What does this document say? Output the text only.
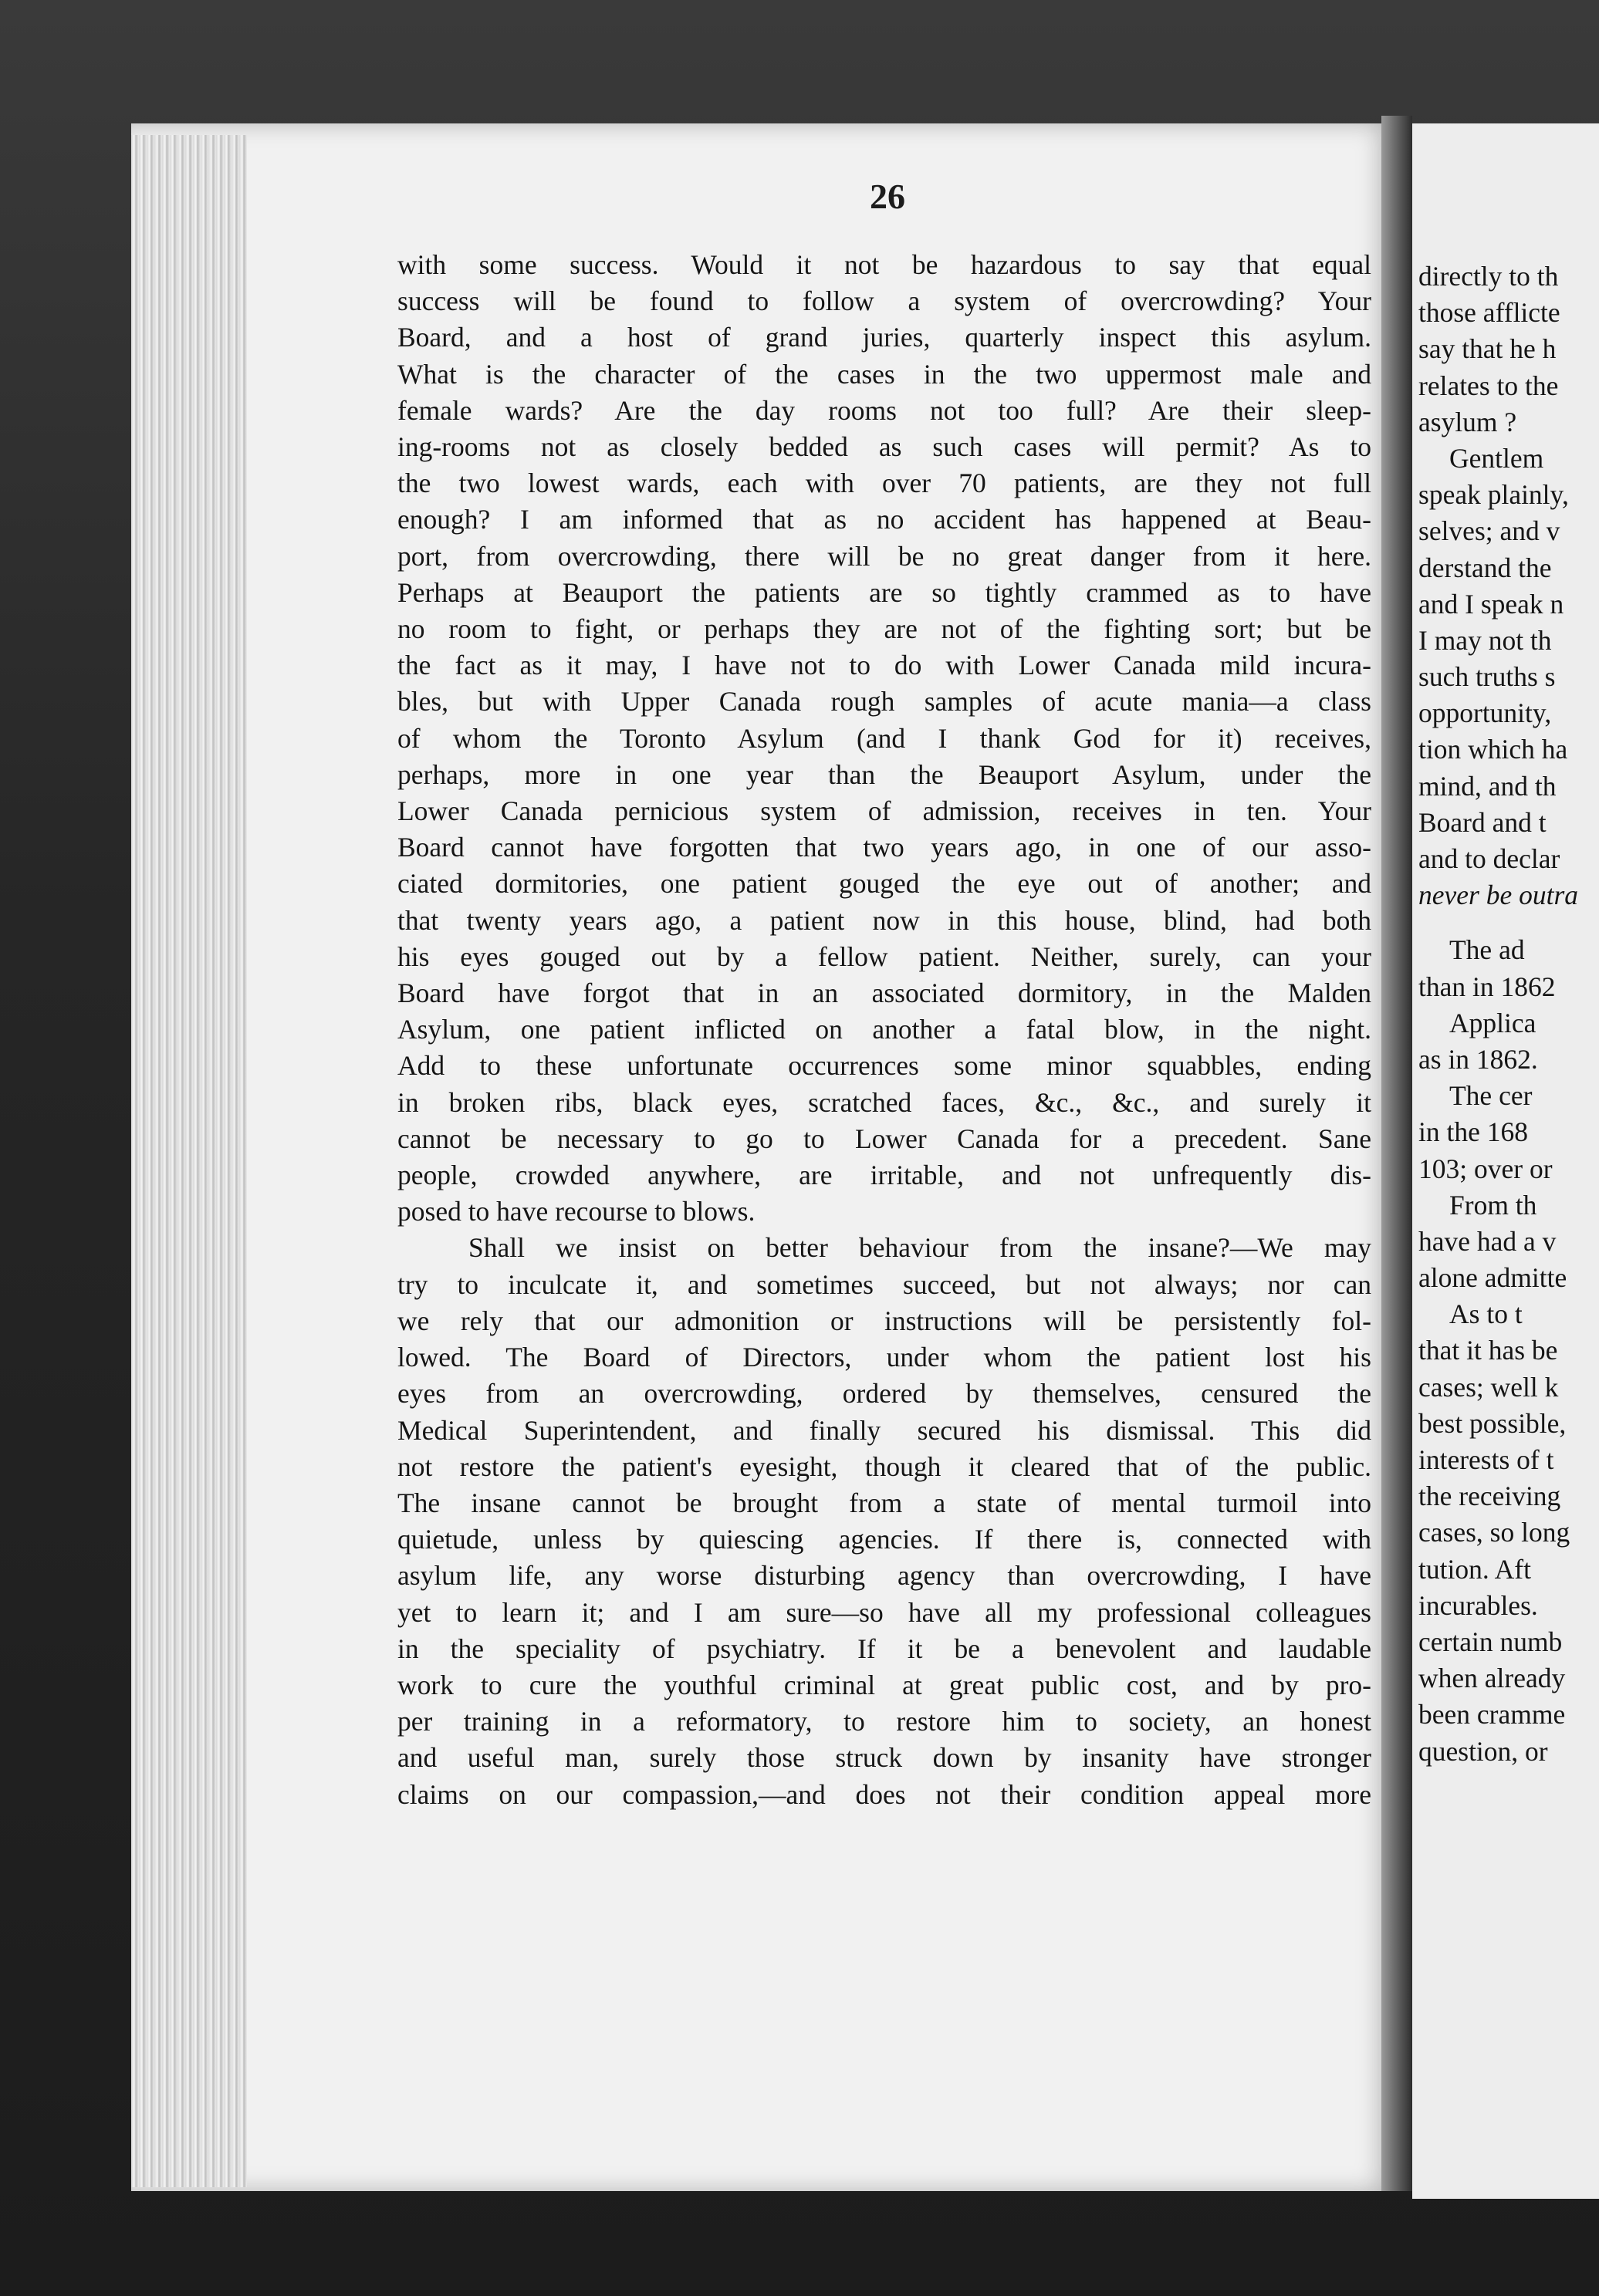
26

with some success. Would it not be hazardous to say that equal
success will be found to follow a system of overcrowding? Your
Board, and a host of grand juries, quarterly inspect this asylum.
What is the character of the cases in the two uppermost male and
female wards? Are the day rooms not too full? Are their sleep-
ing-rooms not as closely bedded as such cases will permit? As to
the two lowest wards, each with over 70 patients, are they not full
enough? I am informed that as no accident has happened at Beau-
port, from overcrowding, there will be no great danger from it here.
Perhaps at Beauport the patients are so tightly crammed as to have
no room to fight, or perhaps they are not of the fighting sort; but be
the fact as it may, I have not to do with Lower Canada mild incura-
bles, but with Upper Canada rough samples of acute mania—a class
of whom the Toronto Asylum (and I thank God for it) receives,
perhaps, more in one year than the Beauport Asylum, under the
Lower Canada pernicious system of admission, receives in ten. Your
Board cannot have forgotten that two years ago, in one of our asso-
ciated dormitories, one patient gouged the eye out of another; and
that twenty years ago, a patient now in this house, blind, had both
his eyes gouged out by a fellow patient. Neither, surely, can your
Board have forgot that in an associated dormitory, in the Malden
Asylum, one patient inflicted on another a fatal blow, in the night.
Add to these unfortunate occurrences some minor squabbles, ending
in broken ribs, black eyes, scratched faces, &c., &c., and surely it
cannot be necessary to go to Lower Canada for a precedent. Sane
people, crowded anywhere, are irritable, and not unfrequently dis-
posed to have recourse to blows.

Shall we insist on better behaviour from the insane?—We may
try to inculcate it, and sometimes succeed, but not always; nor can
we rely that our admonition or instructions will be persistently fol-
lowed. The Board of Directors, under whom the patient lost his
eyes from an overcrowding, ordered by themselves, censured the
Medical Superintendent, and finally secured his dismissal. This did
not restore the patient's eyesight, though it cleared that of the public.
The insane cannot be brought from a state of mental turmoil into
quietude, unless by quiescing agencies. If there is, connected with
asylum life, any worse disturbing agency than overcrowding, I have
yet to learn it; and I am sure—so have all my professional colleagues
in the speciality of psychiatry. If it be a benevolent and laudable
work to cure the youthful criminal at great public cost, and by pro-
per training in a reformatory, to restore him to society, an honest
and useful man, surely those struck down by insanity have stronger
claims on our compassion,—and does not their condition appeal more

directly to th
those afflicte
say that he h
relates to the
asylum ?
Gentlem
speak plainly,
selves; and v
derstand the
and I speak n
I may not th
such truths s
opportunity,
tion which ha
mind, and th
Board and t
and to declar
never be outra
The ad
than in 1862
Applica
as in 1862.
The cer
in the 168
103; over or
From th
have had a v
alone admitte
As to t
that it has be
cases; well k
best possible,
interests of t
the receiving
cases, so long
tution. Aft
incurables.
certain numb
when already
been cramme
question, or
